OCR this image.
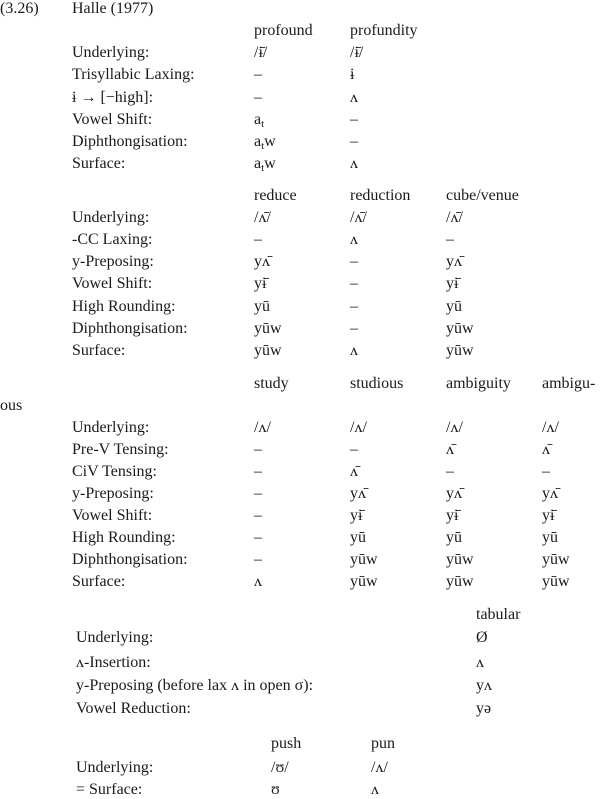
(3.26) Halle (1977)
profound profundity
Underlying:	/ɨ̄/	/ɨ̄/
Trisyllabic Laxing:	–	ɨ
ɨ → [−high]:	–	ʌ
Vowel Shift:	$a_t$	–
Diphthongisation:	$a_tw$	–
Surface:	$a_tw$	ʌ
reduce	reduction cube/venue
Underlying:	/ʌ̄/	/ʌ̄/	/ʌ̄/
-CC Laxing:	–	ʌ	–
y-Preposing:	yʌ̄	–	yʌ̄
Vowel Shift:	yɨ̄	–	yɨ̄
High Rounding:	yū	–	yū
Diphthongisation:	yūw	–	yūw
Surface:	yūw	ʌ	yūw
study	studious	ambiguity ambigu-
ous
Underlying:	/ʌ/	/ʌ/	/ʌ/	/ʌ/
Pre-V Tensing:	–	–	ʌ̄	ʌ̄
CiV Tensing:	–	ʌ̄	–	–
y-Preposing:	–	yʌ̄	yʌ̄	yʌ̄
Vowel Shift:	–	yɨ̄	yɨ̄	yɨ̄
High Rounding:	–	yū	yū	yū
Diphthongisation:	–	yūw	yūw	yūw
Surface:	ʌ	yūw	yūw	yūw
tabular
Underlying:	Ø
ʌ-Insertion:	ʌ
y-Preposing (before lax ʌ in open σ):	yʌ
Vowel Reduction:	yə
push	pun
Underlying:	/ʊ/	/ʌ/
= Surface:	ʊ	ʌ
